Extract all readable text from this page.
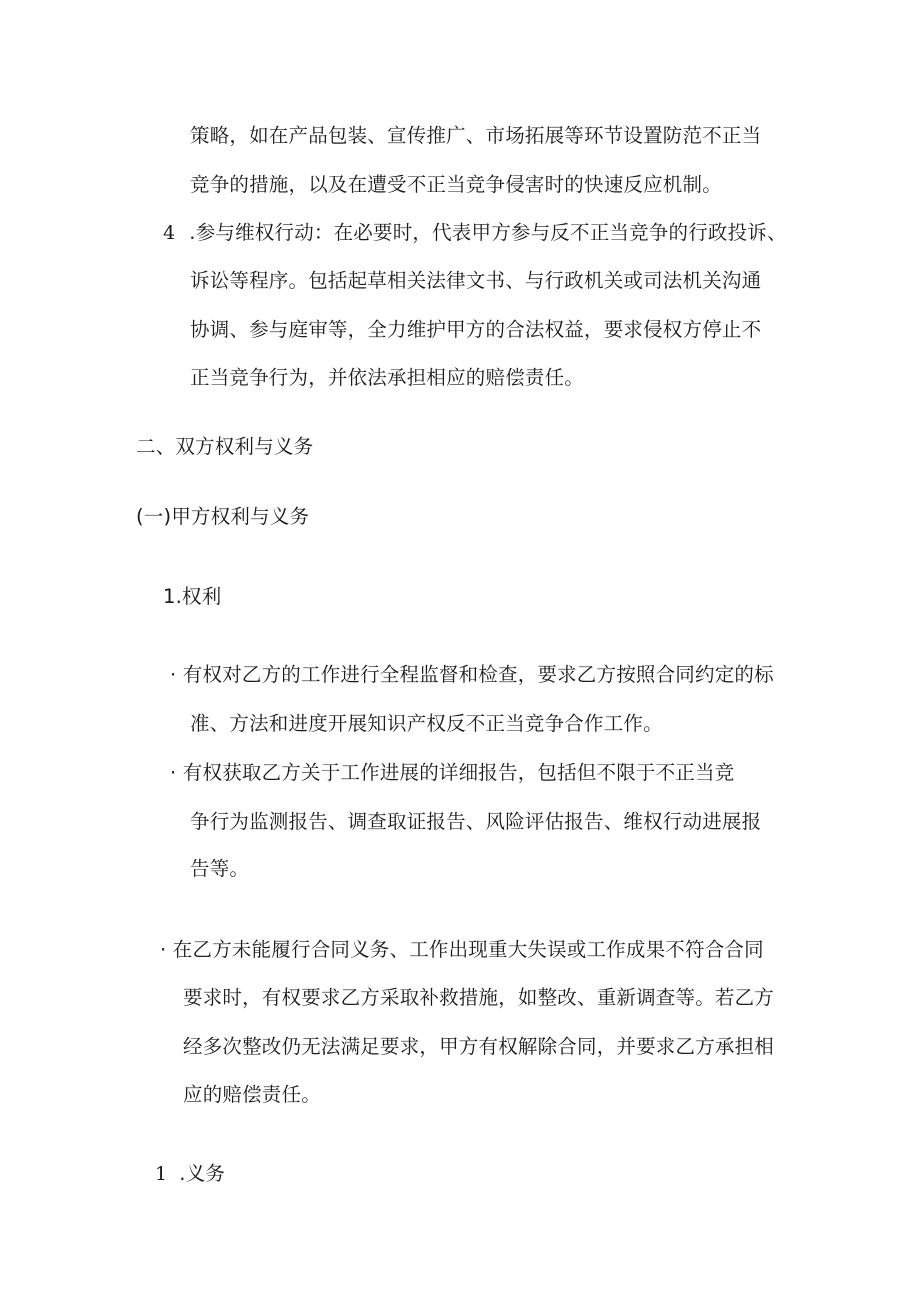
策略，如在产品包装、宣传推广、市场拓展等环节设置防范不正当
竞争的措施，以及在遭受不正当竞争侵害时的快速反应机制。
4 .参与维权行动：在必要时，代表甲方参与反不正当竞争的行政投诉、
诉讼等程序。包括起草相关法律文书、与行政机关或司法机关沟通
协调、参与庭审等，全力维护甲方的合法权益，要求侵权方停止不
正当竞争行为，并依法承担相应的赔偿责任。
二、双方权利与义务
(一)甲方权利与义务
1.权利
· 有权对乙方的工作进行全程监督和检查，要求乙方按照合同约定的标
准、方法和进度开展知识产权反不正当竞争合作工作。
· 有权获取乙方关于工作进展的详细报告，包括但不限于不正当竞
争行为监测报告、调查取证报告、风险评估报告、维权行动进展报
告等。
· 在乙方未能履行合同义务、工作出现重大失误或工作成果不符合合同
要求时，有权要求乙方采取补救措施，如整改、重新调查等。若乙方
经多次整改仍无法满足要求，甲方有权解除合同，并要求乙方承担相
应的赔偿责任。
1 .义务
